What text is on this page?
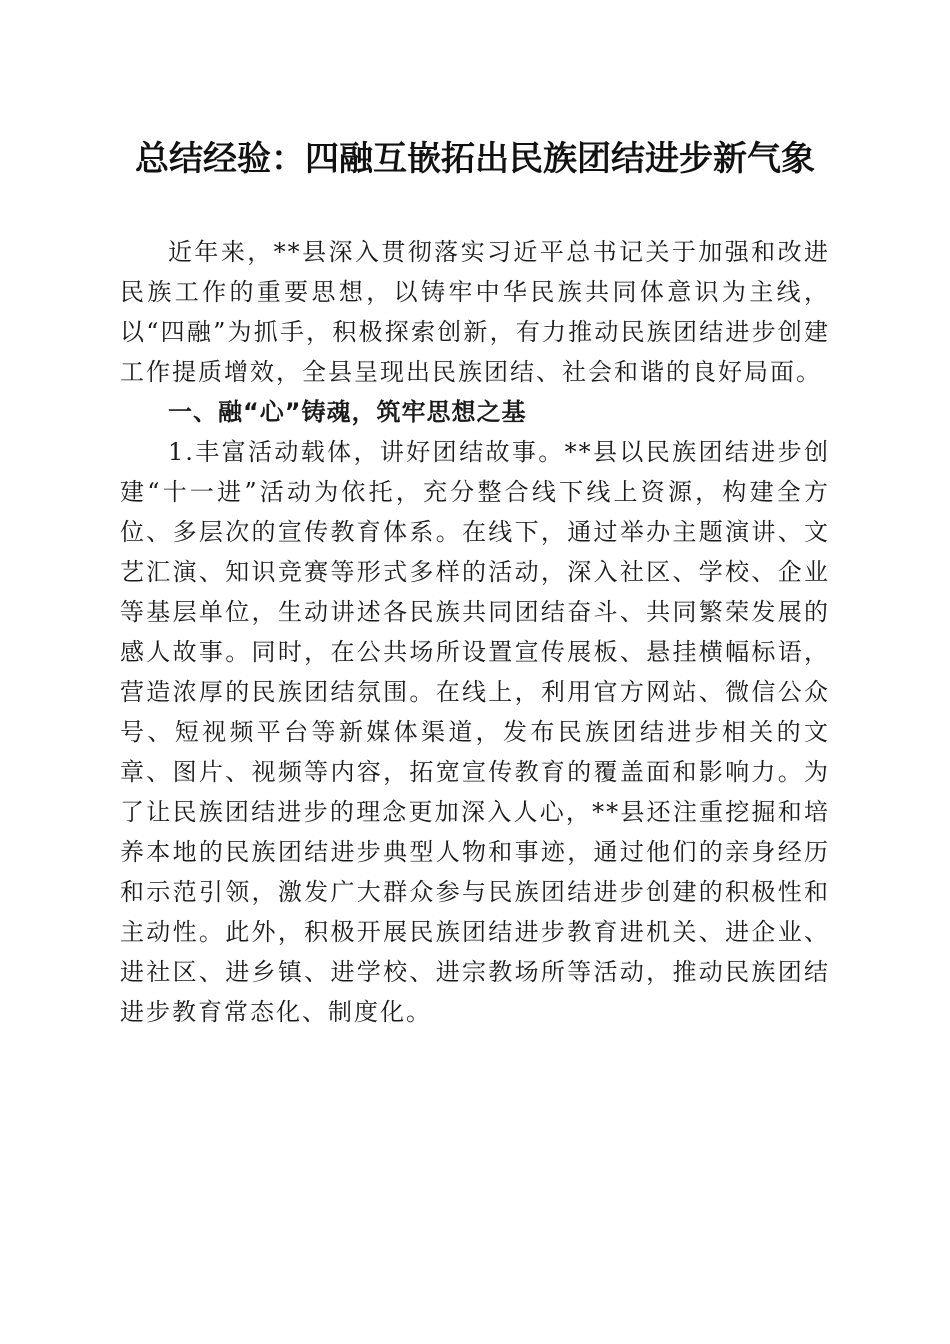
总结经验：四融互嵌拓出民族团结进步新气象

近年来，**县深入贯彻落实习近平总书记关于加强和改进民族工作的重要思想，以铸牢中华民族共同体意识为主线，以“四融”为抓手，积极探索创新，有力推动民族团结进步创建工作提质增效，全县呈现出民族团结、社会和谐的良好局面。

一、融“心”铸魂，筑牢思想之基

1.丰富活动载体，讲好团结故事。**县以民族团结进步创建“十一进”活动为依托，充分整合线下线上资源，构建全方位、多层次的宣传教育体系。在线下，通过举办主题演讲、文艺汇演、知识竞赛等形式多样的活动，深入社区、学校、企业等基层单位，生动讲述各民族共同团结奋斗、共同繁荣发展的感人故事。同时，在公共场所设置宣传展板、悬挂横幅标语，营造浓厚的民族团结氛围。在线上，利用官方网站、微信公众号、短视频平台等新媒体渠道，发布民族团结进步相关的文章、图片、视频等内容，拓宽宣传教育的覆盖面和影响力。为了让民族团结进步的理念更加深入人心，**县还注重挖掘和培养本地的民族团结进步典型人物和事迹，通过他们的亲身经历和示范引领，激发广大群众参与民族团结进步创建的积极性和主动性。此外，积极开展民族团结进步教育进机关、进企业、进社区、进乡镇、进学校、进宗教场所等活动，推动民族团结进步教育常态化、制度化。
